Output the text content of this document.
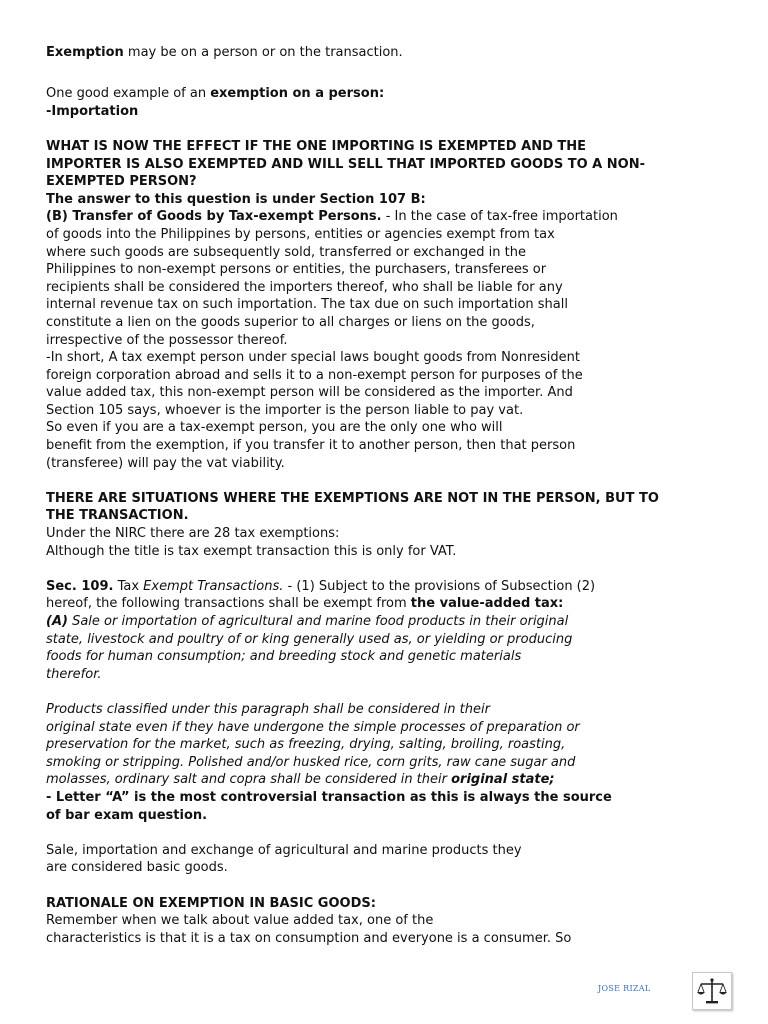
Exemption may be on a person or on the transaction.
One good example of an exemption on a person:
-Importation
WHAT IS NOW THE EFFECT IF THE ONE IMPORTING IS EXEMPTED AND THE
IMPORTER IS ALSO EXEMPTED AND WILL SELL THAT IMPORTED GOODS TO A NON-
EXEMPTED PERSON?
The answer to this question is under Section 107 B:
(B) Transfer of Goods by Tax-exempt Persons. - In the case of tax-free importation
of goods into the Philippines by persons, entities or agencies exempt from tax
where such goods are subsequently sold, transferred or exchanged in the
Philippines to non-exempt persons or entities, the purchasers, transferees or
recipients shall be considered the importers thereof, who shall be liable for any
internal revenue tax on such importation. The tax due on such importation shall
constitute a lien on the goods superior to all charges or liens on the goods,
irrespective of the possessor thereof.
-In short, A tax exempt person under special laws bought goods from Nonresident
foreign corporation abroad and sells it to a non-exempt person for purposes of the
value added tax, this non-exempt person will be considered as the importer. And
Section 105 says, whoever is the importer is the person liable to pay vat.
So even if you are a tax-exempt person, you are the only one who will
benefit from the exemption, if you transfer it to another person, then that person
(transferee) will pay the vat viability.
THERE ARE SITUATIONS WHERE THE EXEMPTIONS ARE NOT IN THE PERSON, BUT TO
THE TRANSACTION.
Under the NIRC there are 28 tax exemptions:
Although the title is tax exempt transaction this is only for VAT.
Sec. 109. Tax Exempt Transactions. - (1) Subject to the provisions of Subsection (2)
hereof, the following transactions shall be exempt from the value-added tax:
(A) Sale or importation of agricultural and marine food products in their original
state, livestock and poultry of or king generally used as, or yielding or producing
foods for human consumption; and breeding stock and genetic materials
therefor.
Products classified under this paragraph shall be considered in their
original state even if they have undergone the simple processes of preparation or
preservation for the market, such as freezing, drying, salting, broiling, roasting,
smoking or stripping. Polished and/or husked rice, corn grits, raw cane sugar and
molasses, ordinary salt and copra shall be considered in their original state;
- Letter “A” is the most controversial transaction as this is always the source
of bar exam question.
Sale, importation and exchange of agricultural and marine products they
are considered basic goods.
RATIONALE ON EXEMPTION IN BASIC GOODS:
Remember when we talk about value added tax, one of the
characteristics is that it is a tax on consumption and everyone is a consumer. So
JOSE RIZAL
